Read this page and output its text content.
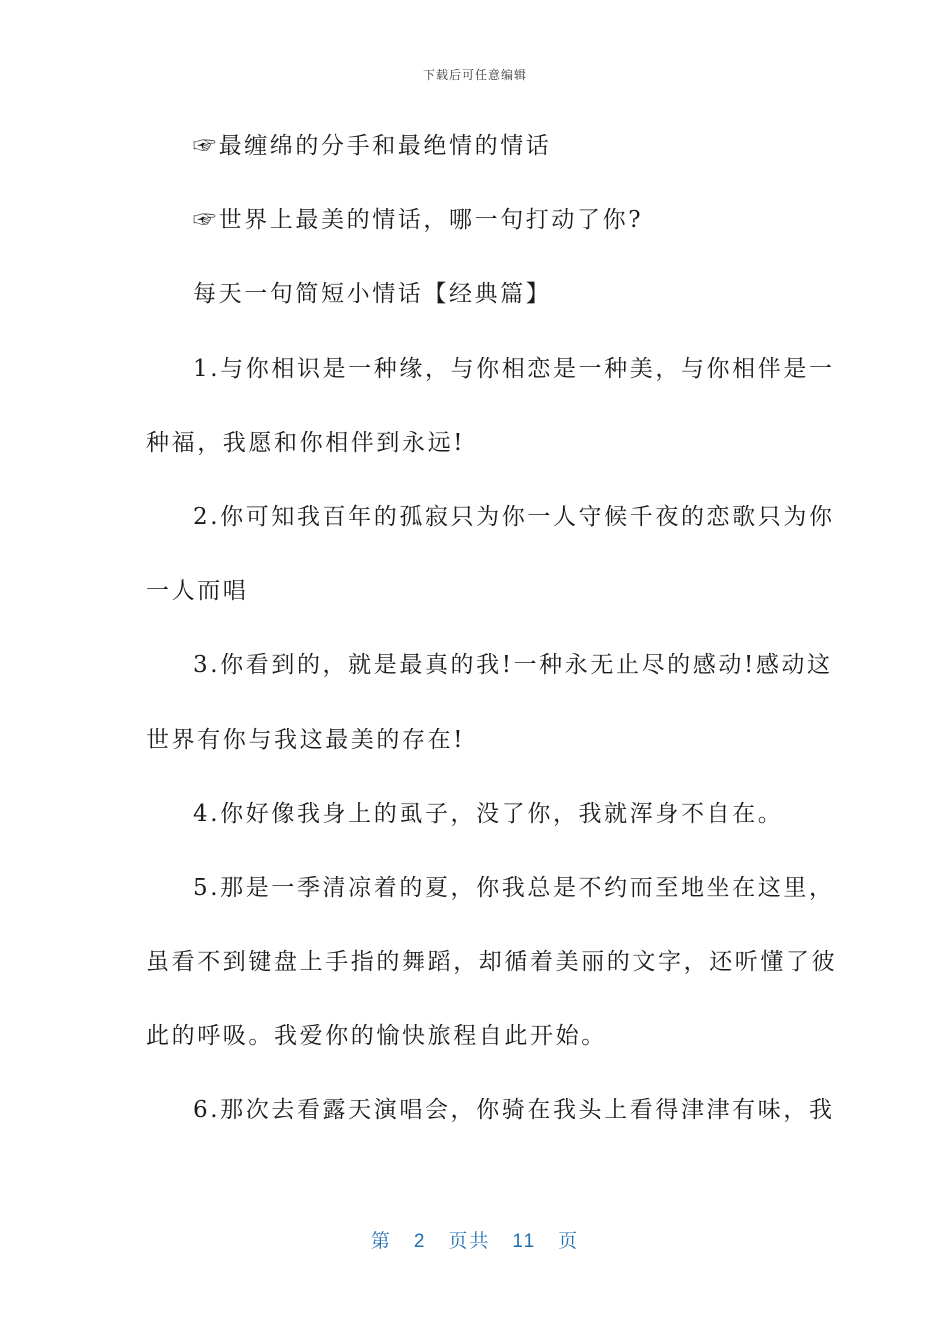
下载后可任意编辑
☞最缠绵的分手和最绝情的情话
☞世界上最美的情话，哪一句打动了你?
每天一句简短小情话【经典篇】
1.与你相识是一种缘，与你相恋是一种美，与你相伴是一
种福，我愿和你相伴到永远!
2.你可知我百年的孤寂只为你一人守候千夜的恋歌只为你
一人而唱
3.你看到的，就是最真的我!一种永无止尽的感动!感动这
世界有你与我这最美的存在!
4.你好像我身上的虱子，没了你，我就浑身不自在。
5.那是一季清凉着的夏，你我总是不约而至地坐在这里，
虽看不到键盘上手指的舞蹈，却循着美丽的文字，还听懂了彼
此的呼吸。我爱你的愉快旅程自此开始。
6.那次去看露天演唱会，你骑在我头上看得津津有味，我
第 2 页共 11 页
